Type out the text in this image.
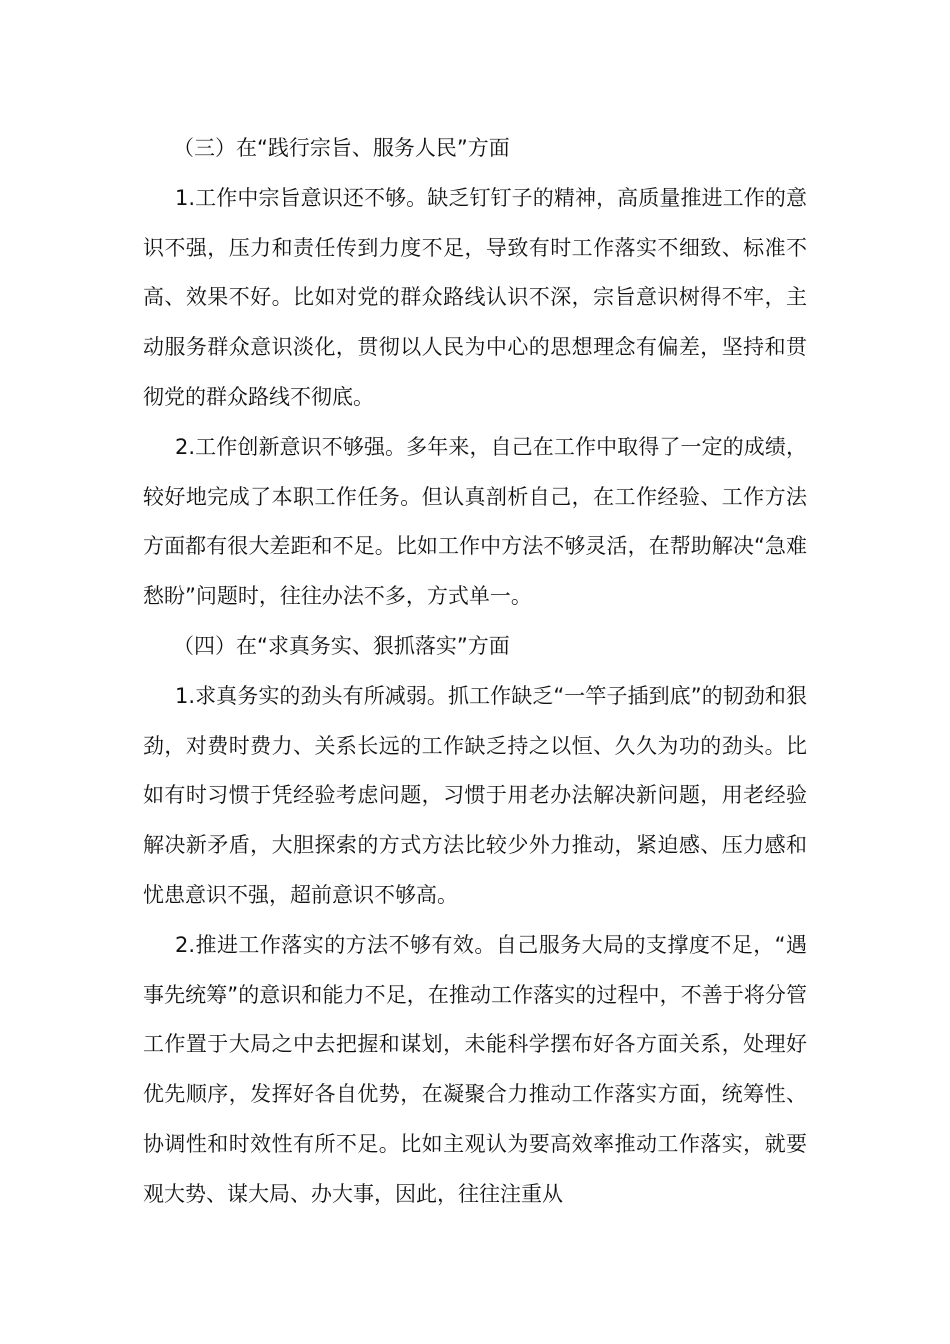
（三）在“践行宗旨、服务人民”方面

1.工作中宗旨意识还不够。缺乏钉钉子的精神，高质量推进工作的意识不强，压力和责任传到力度不足，导致有时工作落实不细致、标准不高、效果不好。比如对党的群众路线认识不深，宗旨意识树得不牢，主动服务群众意识淡化，贯彻以人民为中心的思想理念有偏差，坚持和贯彻党的群众路线不彻底。

2.工作创新意识不够强。多年来，自己在工作中取得了一定的成绩，较好地完成了本职工作任务。但认真剖析自己，在工作经验、工作方法方面都有很大差距和不足。比如工作中方法不够灵活，在帮助解决“急难愁盼”问题时，往往办法不多，方式单一。

（四）在“求真务实、狠抓落实”方面

1.求真务实的劲头有所减弱。抓工作缺乏“一竿子插到底”的韧劲和狠劲，对费时费力、关系长远的工作缺乏持之以恒、久久为功的劲头。比如有时习惯于凭经验考虑问题，习惯于用老办法解决新问题，用老经验解决新矛盾，大胆探索的方式方法比较少外力推动，紧迫感、压力感和忧患意识不强，超前意识不够高。

2.推进工作落实的方法不够有效。自己服务大局的支撑度不足，“遇事先统筹”的意识和能力不足，在推动工作落实的过程中，不善于将分管工作置于大局之中去把握和谋划，未能科学摆布好各方面关系，处理好优先顺序，发挥好各自优势，在凝聚合力推动工作落实方面，统筹性、协调性和时效性有所不足。比如主观认为要高效率推动工作落实，就要观大势、谋大局、办大事，因此，往往注重从
